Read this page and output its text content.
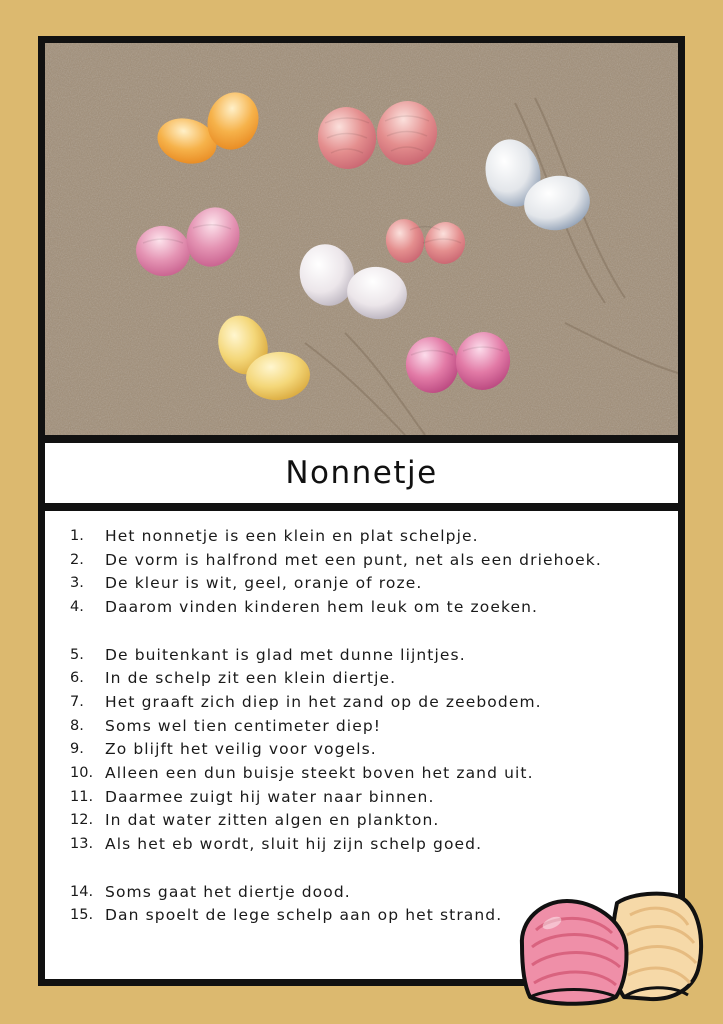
Nonnetje
1.	Het nonnetje is een klein en plat schelpje.
2.	De vorm is halfrond met een punt, net als een driehoek.
3.	De kleur is wit, geel, oranje of roze.
4.	Daarom vinden kinderen hem leuk om te zoeken.
5.	De buitenkant is glad met dunne lijntjes.
6.	In de schelp zit een klein diertje.
7.	Het graaft zich diep in het zand op de zeebodem.
8.	Soms wel tien centimeter diep!
9.	Zo blijft het veilig voor vogels.
10. Alleen een dun buisje steekt boven het zand uit.
11. Daarmee zuigt hij water naar binnen.
12. In dat water zitten algen en plankton.
13. Als het eb wordt, sluit hij zijn schelp goed.
14. Soms gaat het diertje dood.
15. Dan spoelt de lege schelp aan op het strand.
